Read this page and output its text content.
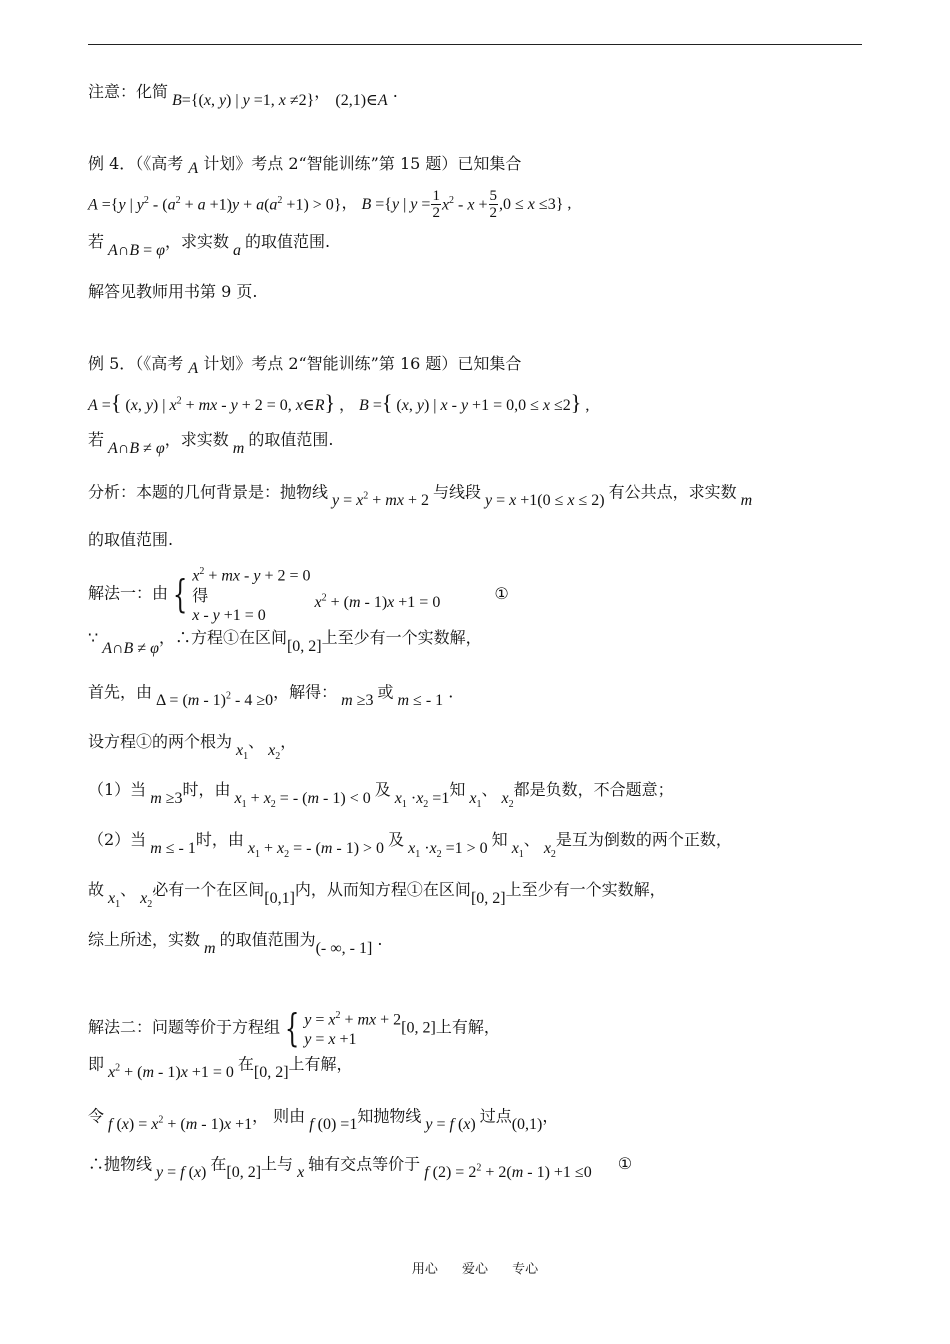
注意：化简 B={(x, y) | y =1, x ≠2}， (2,1)∈A .
例 4．（《高考 A 计划》考点 2“智能训练”第 15 题）已知集合
A ={y | $y^2 - (a^2 + a +1)y + a(a^2 +1) > 0$}， B ={y | $y = \frac{1}{2} x^2 - x + \frac{5}{2} ,0 \le x \le 3$} ,
若 A∩B = φ，求实数 a 的取值范围.
解答见教师用书第 9 页.
例 5．（《高考 A 计划》考点 2“智能训练”第 16 题）已知集合
A ={ (x, y) | $x^2$ + mx - y + 2 = 0, x∈R} ， B ={ (x, y) | x - y +1 = 0,0 ≤ x ≤2} ,
若 A∩B ≠ φ，求实数 m 的取值范围.
分析：本题的几何背景是：抛物线 $y = x^2$ + mx + 2 与线段 y = x +1(0 ≤ x ≤ 2) 有公共点，求实数 m
的取值范围.
解法一：由 { $x^2$ + mx - y + 2 = 0
得
x - y +1 = 0
$x^2 + (m - 1)x +1 = 0$	①
∵ A∩B ≠ φ，∴方程①在区间[0, 2]上至少有一个实数解，
首先，由 Δ = (m - 1)$^2$ - 4 ≥0，解得： m ≥3 或 m ≤ - 1 .
设方程①的两个根为 $x_1$、 $x_2$，
（1）当 m ≥3时，由 $x_1 + x_2$ = - (m - 1) < 0 及 $x_1 \cdot x_2 =1$知 $x_1$、 $x_2$都是负数，不合题意；
（2）当 m ≤ - 1时，由 $x_1 + x_2$ = - (m - 1) > 0 及 $x_1 \cdot x_2 =1 > 0$ 知 $x_1$、 $x_2$是互为倒数的两个正数，
故 $x_1$、 $x_2$必有一个在区间[0,1]内，从而知方程①在区间[0, 2]上至少有一个实数解，
综上所述，实数 m 的取值范围为(- ∞, - 1] .
解法二：问题等价于方程组 { $y = x^2$ + mx + 2
y = x +1
[0, 2]上有解，
即 $x^2 + (m - 1)x +1 = 0$ 在[0, 2]上有解，
令 f $(x) = x^2 + (m - 1)x +1$， 则由 f (0) =1知抛物线 y = f (x) 过点(0,1)，
∴抛物线 y = f (x) 在[0, 2]上与 x 轴有交点等价于 f $(2) = 2^2 + 2(m - 1) +1 \le 0$ ①
用心 爱心 专心
